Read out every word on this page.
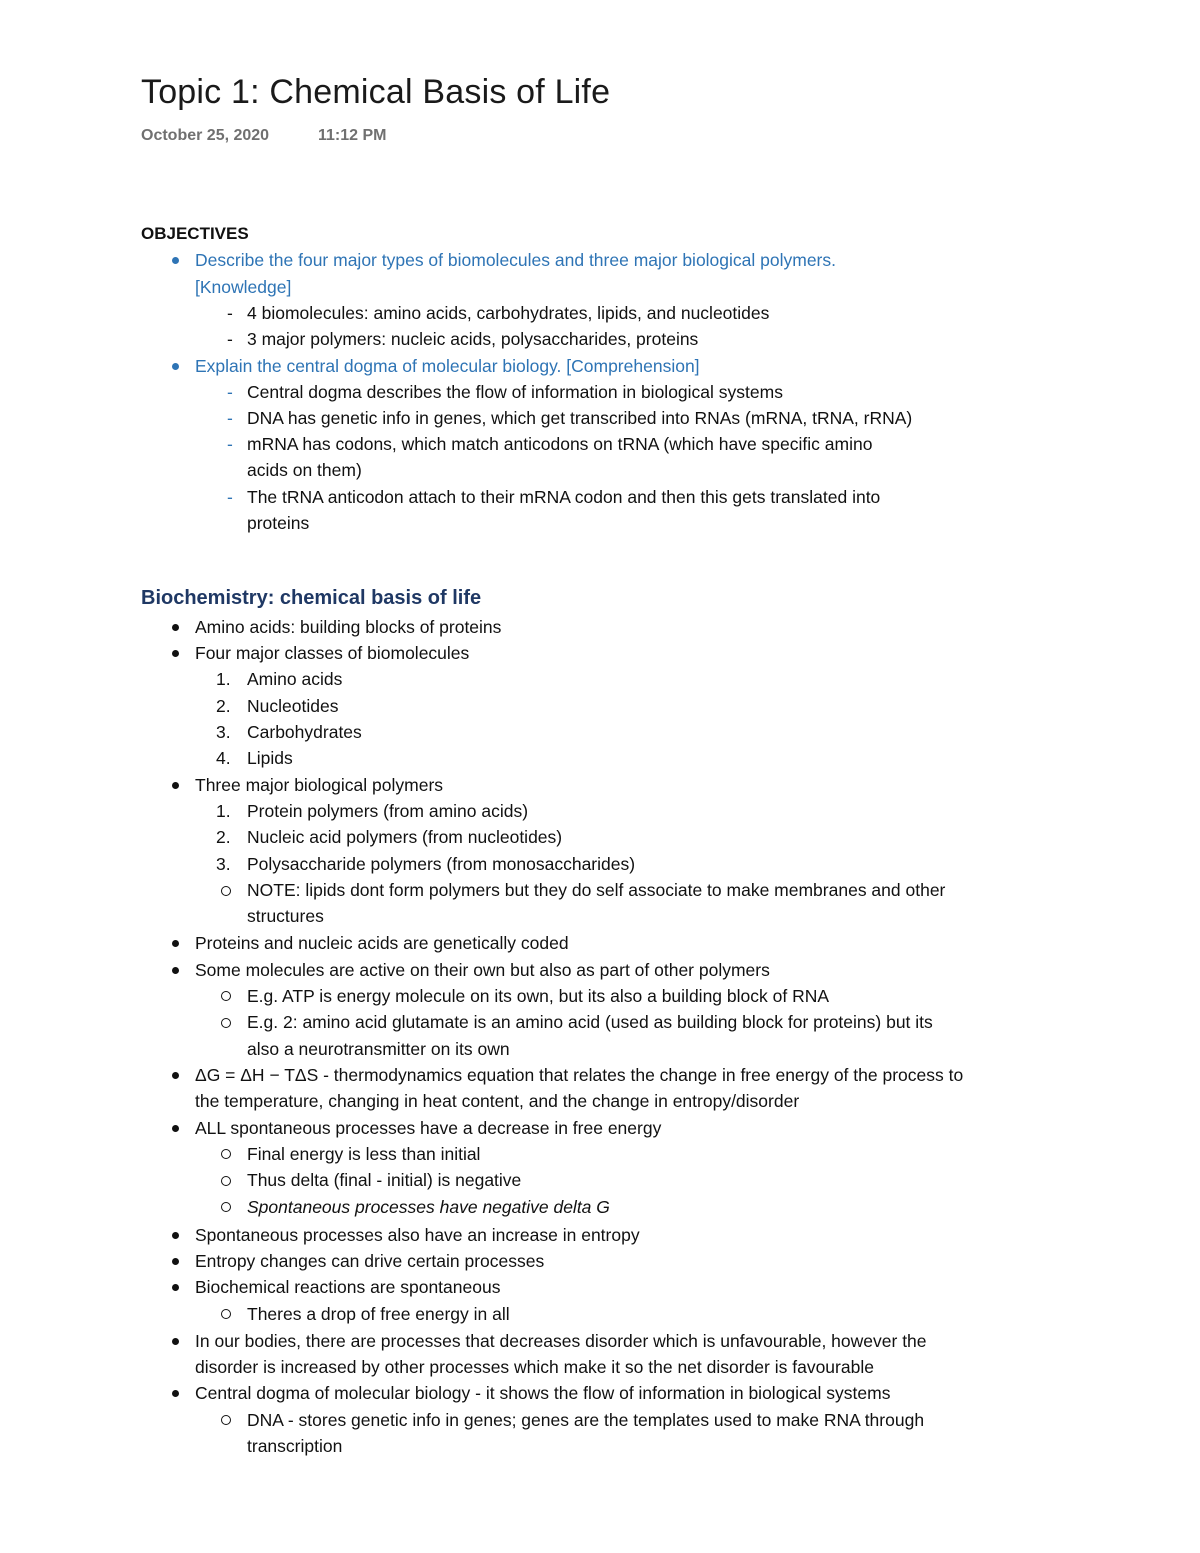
Topic 1: Chemical Basis of Life
October 25, 2020	11:12 PM
OBJECTIVES
Describe the four major types of biomolecules and three major biological polymers.
[Knowledge]
- 4 biomolecules: amino acids, carbohydrates, lipids, and nucleotides
- 3 major polymers: nucleic acids, polysaccharides, proteins
Explain the central dogma of molecular biology. [Comprehension]
- Central dogma describes the flow of information in biological systems
- DNA has genetic info in genes, which get transcribed into RNAs (mRNA, tRNA, rRNA)
- mRNA has codons, which match anticodons on tRNA (which have specific amino
acids on them)
- The tRNA anticodon attach to their mRNA codon and then this gets translated into
proteins
Biochemistry: chemical basis of life
Amino acids: building blocks of proteins
Four major classes of biomolecules
1. Amino acids
2. Nucleotides
3. Carbohydrates
4. Lipids
Three major biological polymers
1. Protein polymers (from amino acids)
2. Nucleic acid polymers (from nucleotides)
3. Polysaccharide polymers (from monosaccharides)
NOTE: lipids dont form polymers but they do self associate to make membranes and other
structures
Proteins and nucleic acids are genetically coded
Some molecules are active on their own but also as part of other polymers
E.g. ATP is energy molecule on its own, but its also a building block of RNA
E.g. 2: amino acid glutamate is an amino acid (used as building block for proteins) but its
also a neurotransmitter on its own
ΔG = ΔH − TΔS - thermodynamics equation that relates the change in free energy of the process to
the temperature, changing in heat content, and the change in entropy/disorder
ALL spontaneous processes have a decrease in free energy
Final energy is less than initial
Thus delta (final - initial) is negative
Spontaneous processes have negative delta G
Spontaneous processes also have an increase in entropy
Entropy changes can drive certain processes
Biochemical reactions are spontaneous
Theres a drop of free energy in all
In our bodies, there are processes that decreases disorder which is unfavourable, however the
disorder is increased by other processes which make it so the net disorder is favourable
Central dogma of molecular biology - it shows the flow of information in biological systems
DNA - stores genetic info in genes; genes are the templates used to make RNA through
transcription
